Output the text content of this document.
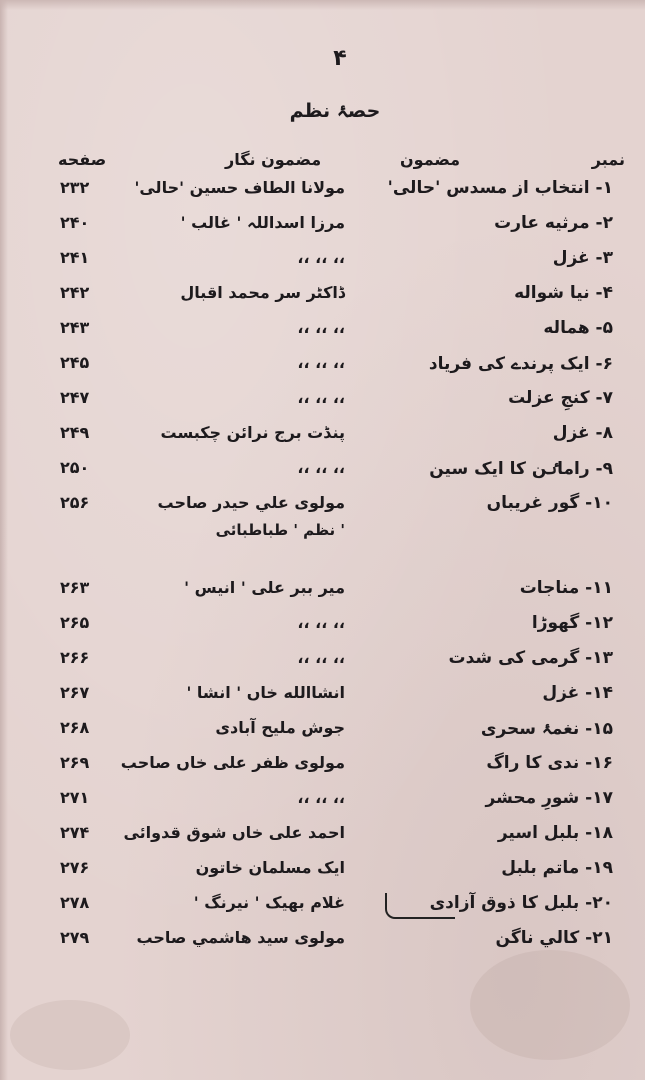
۴
حصۂ نظم
نمبر
مضمون
مضمون نگار
صفحه
۱- انتخاب از مسدس 'حالی'
مولانا الطاف حسین 'حالی'
۲۳۲
۲- مرثیه عارت
مرزا اسداللہ ' غالب '
۲۴۰
۳- غزل
،، ،، ،،
۲۴۱
۴- نیا شواله
ڈاکٹر سر محمد اقبال
۲۴۲
۵- هماله
،، ،، ،،
۲۴۳
۶- ایک پرندے کی فریاد
،، ،، ،،
۲۴۵
۷- کنجِ عزلت
،، ،، ،،
۲۴۷
۸- غزل
پنڈت برج نرائن چکبست
۲۴۹
۹- راماٸن کا ایک سین
،، ،، ،،
۲۵۰
۱۰- گور غریباں
مولوی علي حیدر صاحب
۲۵۶
' نظم ' طباطبائی
۱۱- مناجات
میر ببر علی ' انیس '
۲۶۳
۱۲- گھوڑا
،، ،، ،،
۲۶۵
۱۳- گرمی کی شدت
،، ،، ،،
۲۶۶
۱۴- غزل
انشاالله خاں ' انشا '
۲۶۷
۱۵- نغمۂ سحری
جوش ملیح آبادی
۲۶۸
۱۶- ندی کا راگ
مولوی ظفر علی خاں صاحب
۲۶۹
۱۷- شورِ محشر
،، ،، ،،
۲۷۱
۱۸- بلبل اسیر
احمد علی خاں شوق قدوائی
۲۷۴
۱۹- ماتم بلبل
ایک مسلمان خاتون
۲۷۶
۲۰- بلبل کا ذوق آزادی
غلام بھیک ' نیرنگ '
۲۷۸
۲۱- کالي ناگن
مولوی سید هاشمي صاحب
۲۷۹
